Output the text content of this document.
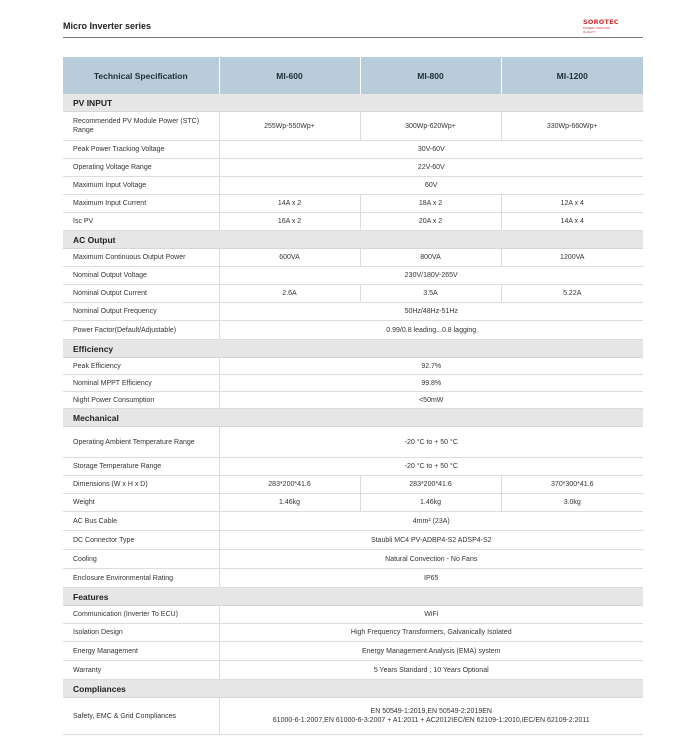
Micro Inverter series	SOROTEC
POWER THROUGH QUALITY
Technical Specification	MI-600	MI-800	MI-1200
PV INPUT			
Recommended PV Module Power (STC) Range	255Wp-550Wp+	300Wp-620Wp+	330Wp-660Wp+
Peak Power Tracking Voltage	30V-60V		
Operating Voltage Range	22V-60V		
Maximum Input Voltage	60V		
Maximum Input Current	14A x 2	18A x 2	12A x 4
Isc PV	16A x 2	20A x 2	14A x 4
AC Output			
Maximum Continuous Output Power	600VA	800VA	1200VA
Nominal Output Voltage	230V/180V-265V		
Nominal Output Current	2.6A	3.5A	5.22A
Nominal Output Frequency	50Hz/48Hz-51Hz		
Power Factor(Default/Adjustable)	0.99/0.8 leading...0.8 lagging		
Efficiency			
Peak Efficiency	92.7%		
Nominal MPPT Efficiency	99.8%		
Night Power Consumption	<50mW		
Mechanical			
Operating Ambient Temperature Range	-20 °C to + 50 °C		
Storage Temperature Range	-20 °C to + 50 °C		
Dimensions (W x H x D)	283*200*41.6	283*200*41.6	370*300*41.6
Weight	1.46kg	1.46kg	3.0kg
AC Bus Cable	4mm² (23A)		
DC Connector Type	Staubli MC4 PV-ADBP4-S2 ADSP4-S2		
Cooling	Natural Convection - No Fans		
Enclosure Environmental Rating	IP65		
Features			
Communication (Inverter To ECU)	WiFi		
Isolation Design	High Frequency Transformers, Galvanically Isolated		
Energy Management	Energy Management Analysis (EMA) system		
Warranty	5 Years Standard ; 10 Years Optional		
Compliances			
Safety, EMC & Grid Compliances	EN 50549-1:2019,EN 50549-2:2019EN
61000-6-1:2007,EN 61000-6-3:2007 + A1:2011 + AC2012IEC/EN 62109-1:2010,IEC/EN 62109-2:2011		
